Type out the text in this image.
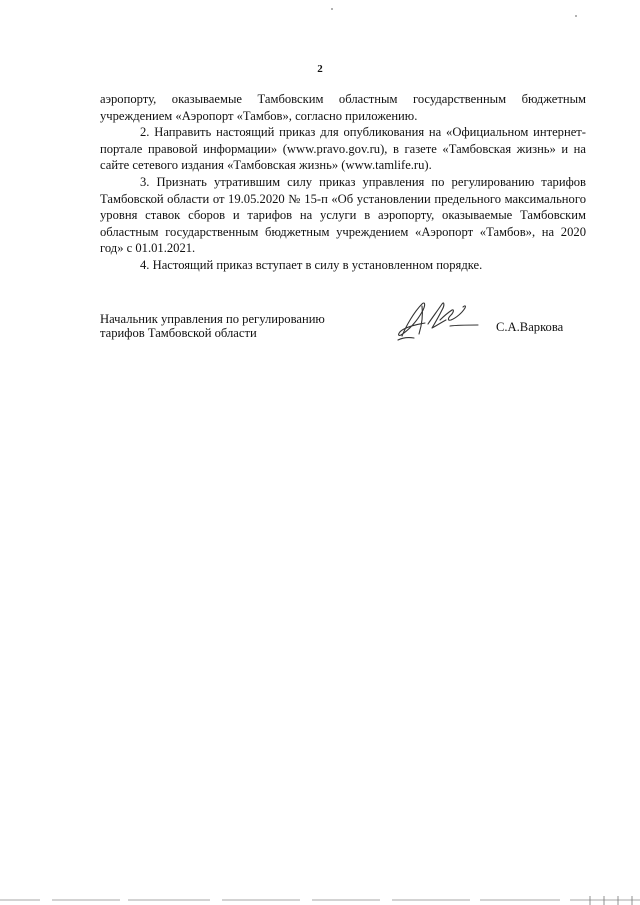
2

аэропорту, оказываемые Тамбовским областным государственным бюджетным учреждением «Аэропорт «Тамбов», согласно приложению.

2. Направить настоящий приказ для опубликования на «Официальном интернет-портале правовой информации» (www.pravo.gov.ru), в газете «Тамбовская жизнь» и на сайте сетевого издания «Тамбовская жизнь» (www.tamlife.ru).

3. Признать утратившим силу приказ управления по регулированию тарифов Тамбовской области от 19.05.2020 № 15-п «Об установлении предельного максимального уровня ставок сборов и тарифов на услуги в аэропорту, оказываемые Тамбовским областным государственным бюджетным учреждением «Аэропорт «Тамбов», на 2020 год» с 01.01.2021.

4. Настоящий приказ вступает в силу в установленном порядке.

Начальник управления по регулированию
тарифов Тамбовской области	С.А.Варкова
